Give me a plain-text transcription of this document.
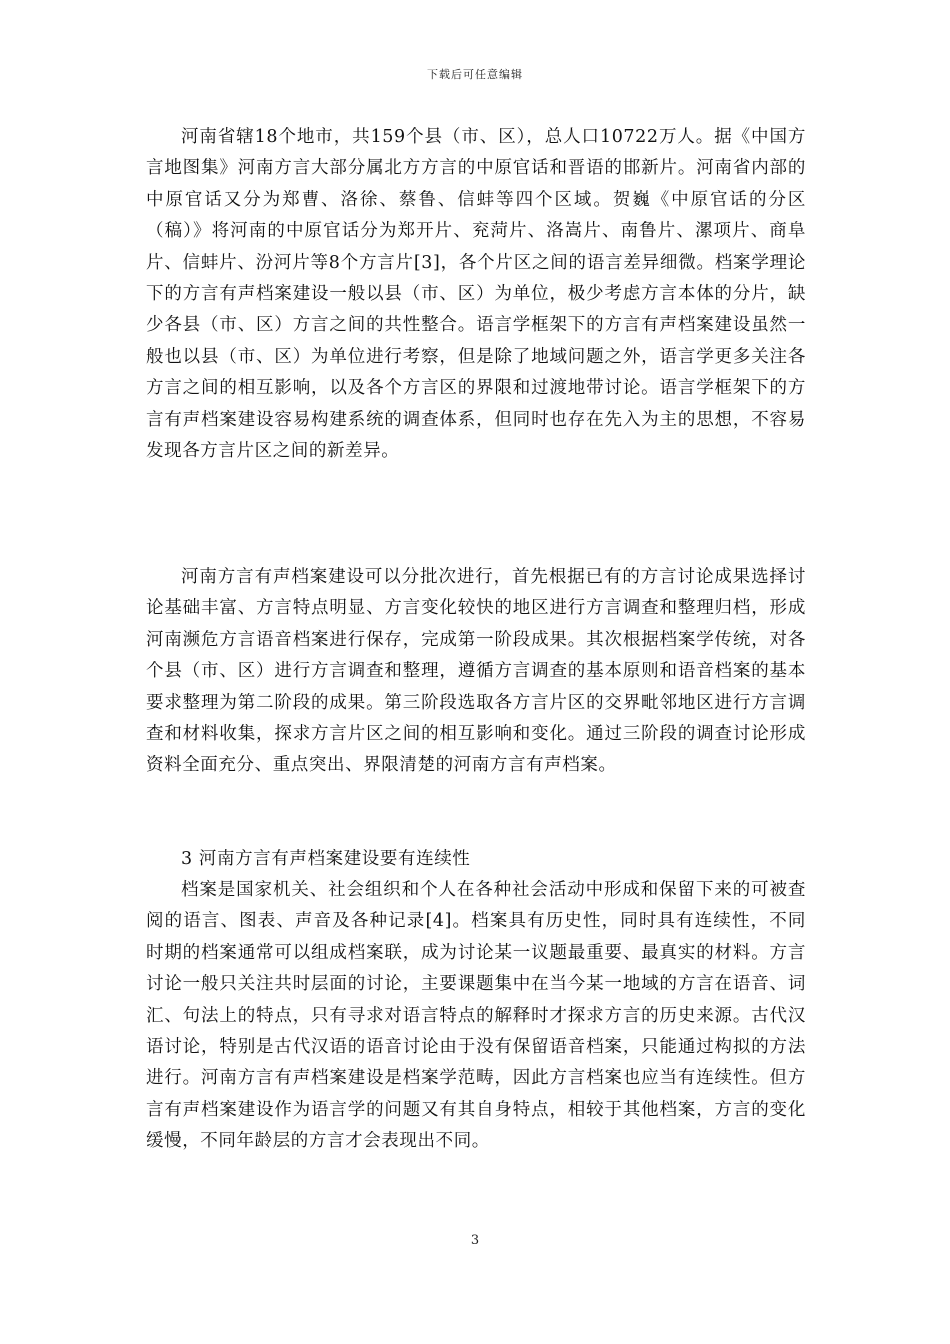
下载后可任意编辑

河南省辖18个地市，共159个县（市、区），总人口10722万人。据《中国方言地图集》河南方言大部分属北方方言的中原官话和晋语的邯新片。河南省内部的中原官话又分为郑曹、洛徐、蔡鲁、信蚌等四个区域。贺巍《中原官话的分区（稿）》将河南的中原官话分为郑开片、兖菏片、洛嵩片、南鲁片、漯项片、商阜片、信蚌片、汾河片等8个方言片[3]，各个片区之间的语言差异细微。档案学理论下的方言有声档案建设一般以县（市、区）为单位，极少考虑方言本体的分片，缺少各县（市、区）方言之间的共性整合。语言学框架下的方言有声档案建设虽然一般也以县（市、区）为单位进行考察，但是除了地域问题之外，语言学更多关注各方言之间的相互影响，以及各个方言区的界限和过渡地带讨论。语言学框架下的方言有声档案建设容易构建系统的调查体系，但同时也存在先入为主的思想，不容易发现各方言片区之间的新差异。

河南方言有声档案建设可以分批次进行，首先根据已有的方言讨论成果选择讨论基础丰富、方言特点明显、方言变化较快的地区进行方言调查和整理归档，形成河南濒危方言语音档案进行保存，完成第一阶段成果。其次根据档案学传统，对各个县（市、区）进行方言调查和整理，遵循方言调查的基本原则和语音档案的基本要求整理为第二阶段的成果。第三阶段选取各方言片区的交界毗邻地区进行方言调查和材料收集，探求方言片区之间的相互影响和变化。通过三阶段的调查讨论形成资料全面充分、重点突出、界限清楚的河南方言有声档案。

3 河南方言有声档案建设要有连续性

档案是国家机关、社会组织和个人在各种社会活动中形成和保留下来的可被查阅的语言、图表、声音及各种记录[4]。档案具有历史性，同时具有连续性，不同时期的档案通常可以组成档案联，成为讨论某一议题最重要、最真实的材料。方言讨论一般只关注共时层面的讨论，主要课题集中在当今某一地域的方言在语音、词汇、句法上的特点，只有寻求对语言特点的解释时才探求方言的历史来源。古代汉语讨论，特别是古代汉语的语音讨论由于没有保留语音档案，只能通过构拟的方法进行。河南方言有声档案建设是档案学范畴，因此方言档案也应当有连续性。但方言有声档案建设作为语言学的问题又有其自身特点，相较于其他档案，方言的变化缓慢，不同年龄层的方言才会表现出不同。

3
